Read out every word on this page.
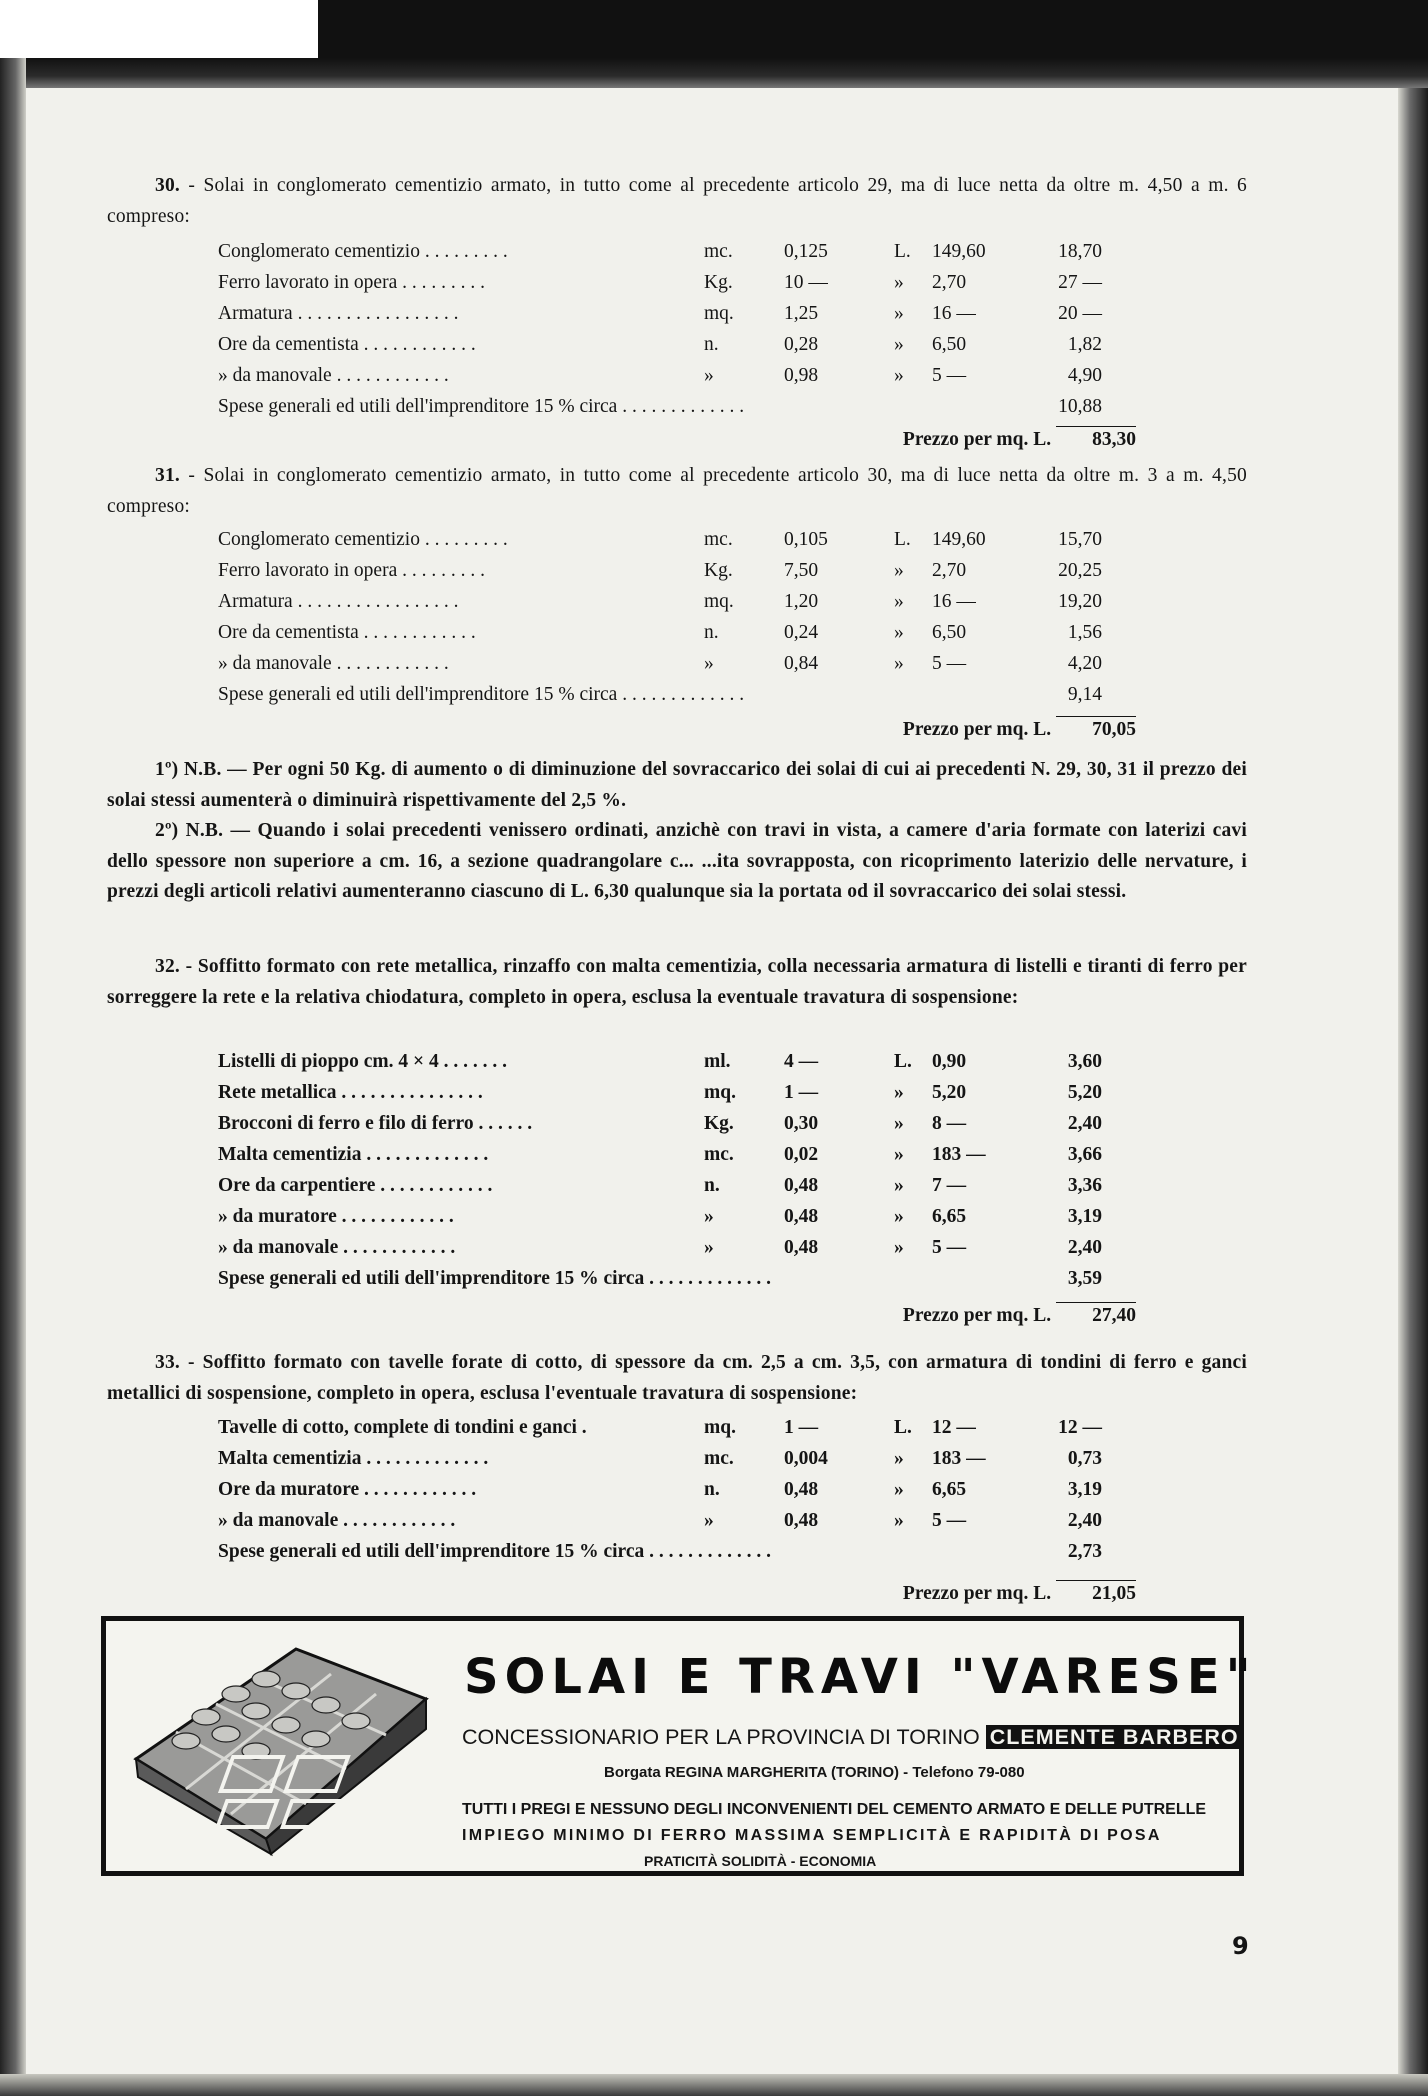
30. - Solai in conglomerato cementizio armato, in tutto come al precedente articolo 29, ma di luce netta da oltre m. 4,50 a m. 6 compreso:
Conglomerato cementizio . . . . . . . . .	mc.	0,125	L.	149,60	18,70
Ferro lavorato in opera . . . . . . . . .	Kg.	10 —	»	2,70	27 —
Armatura . . . . . . . . . . . . . . . . .	mq.	1,25	»	16 —	20 —
Ore da cementista . . . . . . . . . . . .	n.	0,28	»	6,50	1,82
» da manovale . . . . . . . . . . . .	»	0,98	»	5 —	4,90
Spese generali ed utili dell'imprenditore 15 % circa . . . . . . . . . . . . .					10,88
Prezzo per mq. L. 83,30
31. - Solai in conglomerato cementizio armato, in tutto come al precedente articolo 30, ma di luce netta da oltre m. 3 a m. 4,50 compreso:
Conglomerato cementizio . . . . . . . . .	mc.	0,105	L.	149,60	15,70
Ferro lavorato in opera . . . . . . . . .	Kg.	7,50	»	2,70	20,25
Armatura . . . . . . . . . . . . . . . . .	mq.	1,20	»	16 —	19,20
Ore da cementista . . . . . . . . . . . .	n.	0,24	»	6,50	1,56
» da manovale . . . . . . . . . . . .	»	0,84	»	5 —	4,20
Spese generali ed utili dell'imprenditore 15 % circa . . . . . . . . . . . . .					9,14
Prezzo per mq. L. 70,05
1º) N.B. — Per ogni 50 Kg. di aumento o di diminuzione del sovraccarico dei solai di cui ai precedenti N. 29, 30, 31 il prezzo dei solai stessi aumenterà o diminuirà rispettivamente del 2,5 %.
2º) N.B. — Quando i solai precedenti venissero ordinati, anzichè con travi in vista, a camere d'aria formate con laterizi cavi dello spessore non superiore a cm. 16, a sezione quadrangolare c... ...ita sovrapposta, con ricoprimento laterizio delle nervature, i prezzi degli articoli relativi aumenteranno ciascuno di L. 6,30 qualunque sia la portata od il sovraccarico dei solai stessi.
32. - Soffitto formato con rete metallica, rinzaffo con malta cementizia, colla necessaria armatura di listelli e tiranti di ferro per sorreggere la rete e la relativa chiodatura, completo in opera, esclusa la eventuale travatura di sospensione:
Listelli di pioppo cm. 4 × 4 . . . . . . .	ml.	4 —	L.	0,90	3,60
Rete metallica . . . . . . . . . . . . . . .	mq.	1 —	»	5,20	5,20
Brocconi di ferro e filo di ferro . . . . . .	Kg.	0,30	»	8 —	2,40
Malta cementizia . . . . . . . . . . . . .	mc.	0,02	»	183 —	3,66
Ore da carpentiere . . . . . . . . . . . .	n.	0,48	»	7 —	3,36
» da muratore . . . . . . . . . . . .	»	0,48	»	6,65	3,19
» da manovale . . . . . . . . . . . .	»	0,48	»	5 —	2,40
Spese generali ed utili dell'imprenditore 15 % circa . . . . . . . . . . . . .					3,59
Prezzo per mq. L. 27,40
33. - Soffitto formato con tavelle forate di cotto, di spessore da cm. 2,5 a cm. 3,5, con armatura di tondini di ferro e ganci metallici di sospensione, completo in opera, esclusa l'eventuale travatura di sospensione:
Tavelle di cotto, complete di tondini e ganci .	mq.	1 —	L.	12 —	12 —
Malta cementizia . . . . . . . . . . . . .	mc.	0,004	»	183 —	0,73
Ore da muratore . . . . . . . . . . . .	n.	0,48	»	6,65	3,19
» da manovale . . . . . . . . . . . .	»	0,48	»	5 —	2,40
Spese generali ed utili dell'imprenditore 15 % circa . . . . . . . . . . . . .					2,73
Prezzo per mq. L. 21,05
SOLAI E TRAVI "VARESE"
CONCESSIONARIO PER LA PROVINCIA DI TORINO CLEMENTE BARBERO
Borgata REGINA MARGHERITA (TORINO) - Telefono 79-080
TUTTI I PREGI E NESSUNO DEGLI INCONVENIENTI DEL CEMENTO ARMATO E DELLE PUTRELLE
IMPIEGO MINIMO DI FERRO MASSIMA SEMPLICITÀ E RAPIDITÀ DI POSA
PRATICITÀ SOLIDITÀ - ECONOMIA
9
